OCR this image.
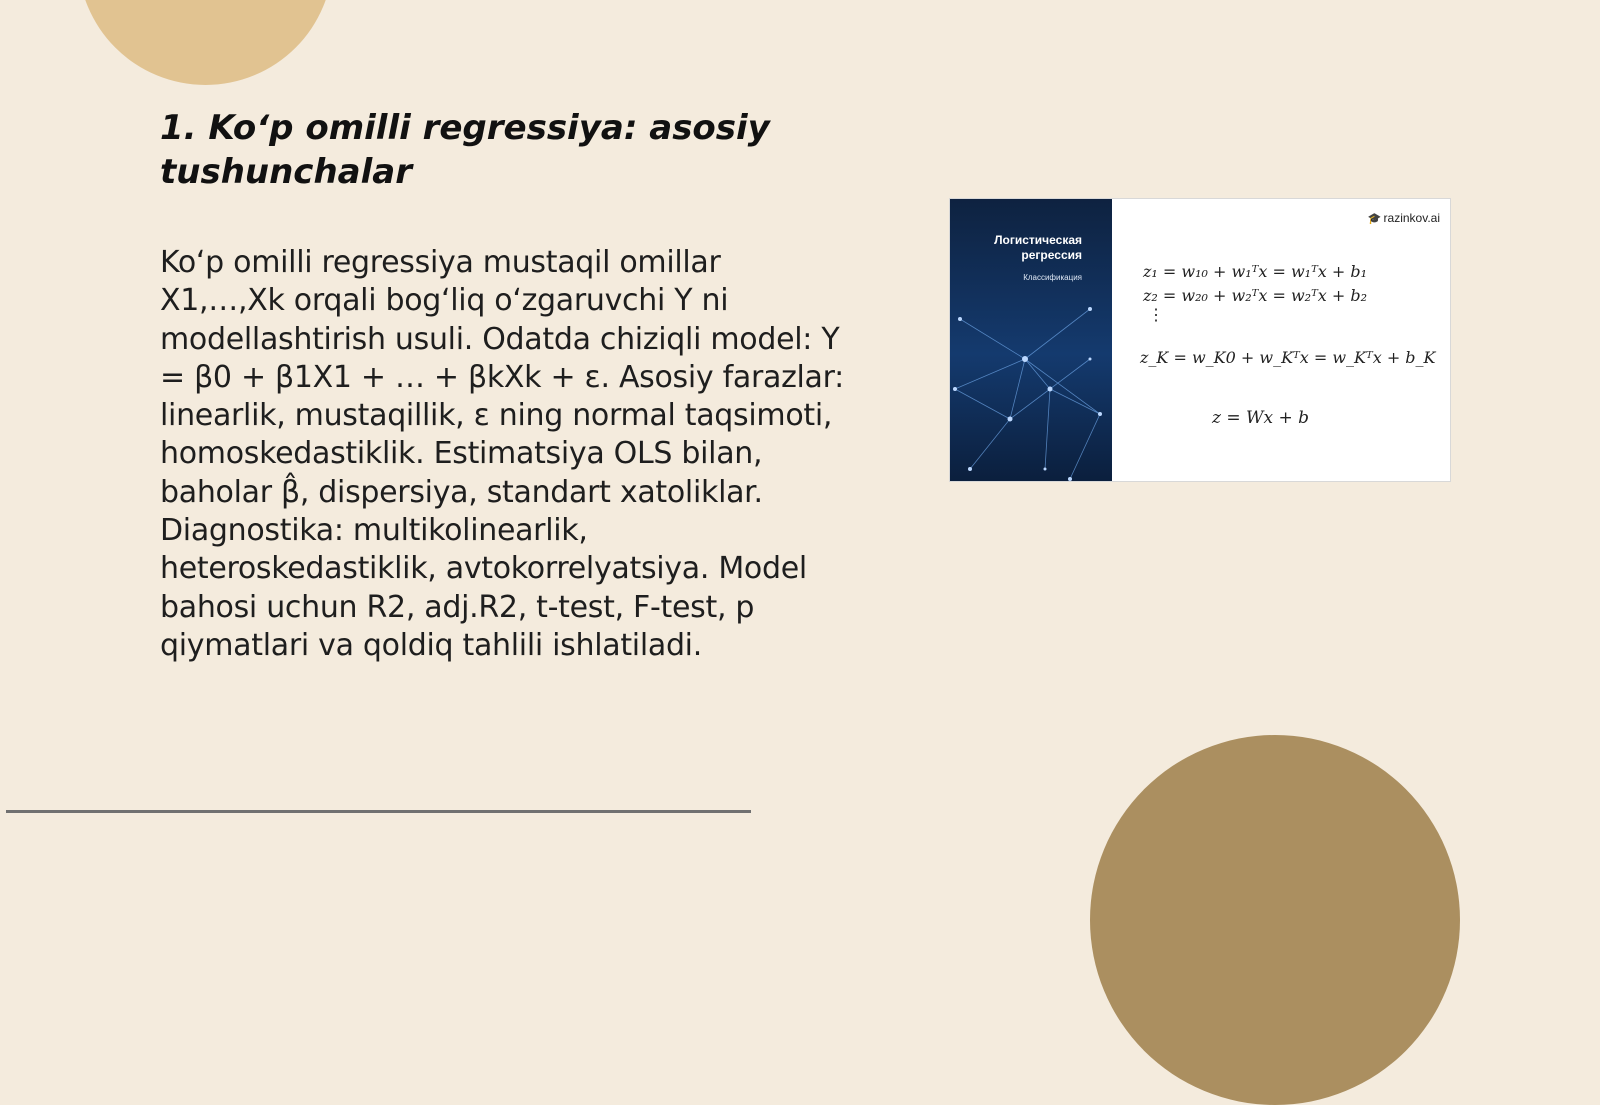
1. Ko‘p omilli regressiya: asosiy tushunchalar
Ko‘p omilli regressiya mustaqil omillar X1,…,Xk orqali bog‘liq o‘zgaruvchi Y ni modellashtirish usuli. Odatda chiziqli model: Y = β0 + β1X1 + … + βkXk + ε. Asosiy farazlar: linearlik, mustaqillik, ε ning normal taqsimoti, homoskedastiklik. Estimatsiya OLS bilan, baholar β̂, dispersiya, standart xatoliklar. Diagnostika: multikolinearlik, heteroskedastiklik, avtokorrelyatsiya. Model bahosi uchun R2, adj.R2, t-test, F-test, p qiymatlari va qoldiq tahlili ishlatiladi.
Логистическая регрессия
Классификация
🎓 razinkov.ai
z₁ = w₁₀ + w₁ᵀx = w₁ᵀx + b₁
z₂ = w₂₀ + w₂ᵀx = w₂ᵀx + b₂
⋮
z_K = w_K0 + w_Kᵀx = w_Kᵀx + b_K
z = Wx + b
